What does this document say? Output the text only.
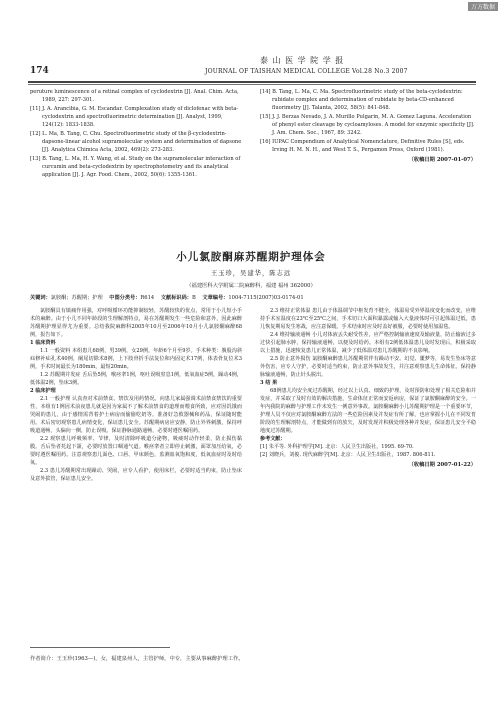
万方数据
174
泰 山 医 学 院 学 报
JOURNAL OF TAISHAN MEDICAL COLLEGE Vol.28 No.3 2007
peruture luminescence of a retinal complex of cyclodextrin [J]. Anal. Chim. Acta, 1989, 227: 297-301.
[11] J. A. Arancibia, G. M. Escandar. Complexation study of diclofenac with beta-cyclodextrin and spectrofluorimetric determination [J]. Analyst, 1999, 124(12): 1833-1838.
[12] L. Ma, B. Tang, C. Chu. Spectrofluorimetric study of the β-cyclodextrin-dapsone-linear alcohol supramolecular system and determination of dapsone [J]. Analytica Chimica Acta, 2002, 469(2): 273-283.
[13] B. Tang, L. Ma, H. Y. Wang, et al. Study on the supramolecular interaction of curcumin and beta-cyclodextrin by spectrophotometry and its analytical application [J]. J. Agr. Food. Chem., 2002, 50(6): 1355-1361.
[14] B. Tang, L. Ma, C. Ma. Spectrofluorimetric study of the beta-cyclodextrin: rubidate complex and determination of rubidate by beta-CD-enhanced fluorimetry [J]. Talanta, 2002, 58(5): 841-848.
[15] J. J. Berzas Nevado, J. A. Murillo Pulgarin, M. A. Gomez Laguna. Acceleration of phenyl ester cleavage by cycloamyloses. A model for enzymic specificity [J]. J. Am. Chem. Soc., 1967, 89: 3242.
[16] IUPAC Compendium of Analytical Nomenclature, Definitive Rules [S], eds. Irving H. M. N. H., and West T. S., Pergamon Press, Oxford (1981).
（收稿日期 2007-01-07）
小儿氯胺酮麻苏醒期护理体会
王玉珍，吴建华，陈志远
（福建医科大学附属二院麻醉科，福建 福州 362000）
关键词：氯胺酮；苏醒期；护理 中图分类号：R614 文献标识码：B 文章编号：1004-7115(2007)03-0174-01

氯胺酮具有镇痛作用强，对呼吸循环功能抑制较轻，苏醒较快的优点，常用于小儿短小手术的麻醉。由于小儿不同年龄段的生理解剖特点，易在苏醒期发生一些危险和意外，因此麻醉苏醒期护理显得尤为重要。总结我院麻醉科2005年10月至2006年10月小儿氯胺酮麻醉68例，报告如下。

1 临床资料

1.1 一般资料 本组患儿68例，男39例，女29例，年龄6个月至9岁。手术种类：腹股沟斜疝修补疝孔术40例，阑尾切除术8例，上下肢骨折手法复位和内固定术17例，体表骨复位术3例，手术时间最长为180min，最短20min。

1.2 苏醒期并发症 舌后坠5例，喉痉挛1例，呕吐误吸窒息1例，低氧血症5例，躁动4例，低体温2例，坠床3例。

2 临床护理

2.1 一般护理 认真查对术前禁食、禁饮及用药情况。向患儿家属强调术前禁食禁饮的重要性，本组有1例因术前夜患儿就是因为家属不了解术前禁食的道理而喂食所致，应对因饥饿而哭闹的患儿，由于感情需背着护士病房而偷偷吃奶等。准备好急救器械和药品，保证随时能用。术后密切观察患儿病情变化，保证患儿安全。苏醒期病房应安静，防止外界刺激，保持呼吸道通畅，头偏向一侧，防止误吸。保证静脉通路通畅，必要时遵医嘱用药。

2.2 观察患儿呼吸频率、节律，及时清除呼吸道分泌物，吸痰时动作轻柔，防止损伤黏膜。舌后坠者托起下颌，必要时放置口咽通气道。喉痉挛者立即停止刺激，面罩加压给氧，必要时遵医嘱用药。注意观察患儿面色、口唇、甲床颜色，监测血氧饱和度，低氧血症时及时给氧。

2.3 患儿苏醒期常出现躁动、哭闹，应专人看护，使用床栏，必要时适当约束，防止坠床及意外拔管，保证患儿安全。

2.3 维持正常体温 患儿由于体温调节中枢发育不健全，体温易受外界温度变化而改变，应维持手术室温度在23℃至25℃之间，手术切口大面积暴露或输入大量液体时可引起体温过低，患儿恢复期易发生寒战，应注意保暖。手术结束时应及时盖好被服，必要时使用加温毯。

2.4 维持输液通畅 小儿对体液丢失耐受性差，应严格控制输液速度及输液量，防止输液过多过快引起肺水肿，保持输液通畅，以便及时给药。本组有2例低体温患儿及时发现后，积极采取以上措施，迅速恢复患儿正常体温，减少了低体温对患儿苏醒期的不良影响。

2.5 防止意外损伤 氯胺酮麻醉患儿苏醒期常伴有躁动不安、幻觉、噩梦等，易发生坠床等意外伤害，应专人守护，必要时适当约束，防止意外事故发生，并注意观察患儿生命体征。保持静脉输液通畅，防止针头脱出。

3 结 果

68例患儿均安全度过苏醒期，经过以上认真、细致的护理，及时预防和处理了相关危险和并发症，并采取了及时有效的解决措施，生命体征正常而安返病房，保证了氯胺酮麻醉的安全。一年内我院的麻醉与护理工作未发生一例意外事故。氯胺酮麻醉小儿苏醒期护理是一个重要环节，护理人员不仅应对氯胺酮麻醉方法的一些危险因素及并发症有所了解，也应掌握小儿在不同发育阶段的生理解剖特点，才能做到有的放矢，及时发现并积极处理各种并发症，保证患儿安全平稳地度过苏醒期。

参考文献：

[1] 朱平等. 外科护理学[M]. 北京：人民卫生出版社，1995. 69-70.
[2] 刘晓兵，刘俊. 现代麻醉学[M]. 北京：人民卫生出版社，1987. 806-811.
（收稿日期 2007-01-22）
作者简介：王玉珍(1963—)，女，福建泉州人，主管护师，中专，主要从事麻醉护理工作。
